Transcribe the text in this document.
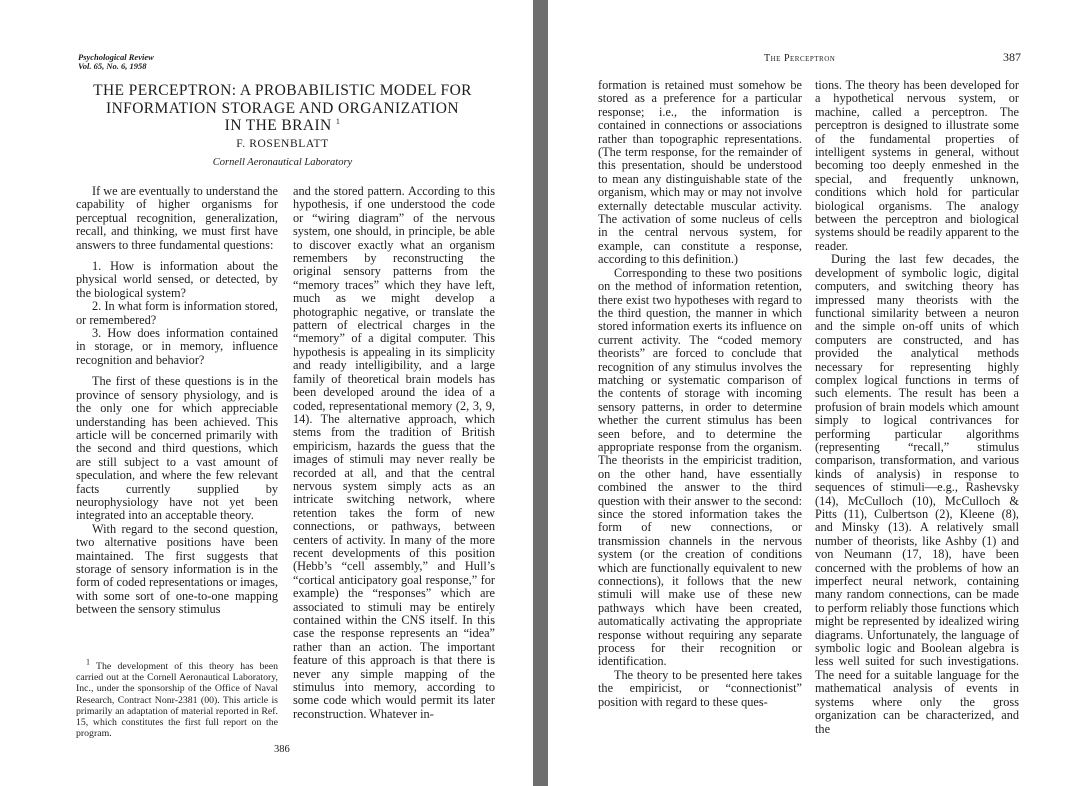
Psychological Review
Vol. 65, No. 6, 1958
THE PERCEPTRON: A PROBABILISTIC MODEL FOR
INFORMATION STORAGE AND ORGANIZATION
IN THE BRAIN $^1$
F. ROSENBLATT
Cornell Aeronautical Laboratory

If we are eventually to understand the capability of higher organisms for perceptual recognition, generalization, recall, and thinking, we must first have answers to three fundamental questions:

1. How is information about the physical world sensed, or detected, by the biological system?

2. In what form is information stored, or remembered?

3. How does information contained in storage, or in memory, influence recognition and behavior?

The first of these questions is in the province of sensory physiology, and is the only one for which appreciable understanding has been achieved. This article will be concerned primarily with the second and third questions, which are still subject to a vast amount of speculation, and where the few relevant facts currently supplied by neurophysiology have not yet been integrated into an acceptable theory.

With regard to the second question, two alternative positions have been maintained. The first suggests that storage of sensory information is in the form of coded representations or images, with some sort of one-to-one mapping between the sensory stimulus

$^1$ The development of this theory has been carried out at the Cornell Aeronautical Laboratory, Inc., under the sponsorship of the Office of Naval Research, Contract Nonr-2381 (00). This article is primarily an adaptation of material reported in Ref. 15, which constitutes the first full report on the program.

and the stored pattern. According to this hypothesis, if one understood the code or “wiring diagram” of the nervous system, one should, in principle, be able to discover exactly what an organism remembers by reconstructing the original sensory patterns from the “memory traces” which they have left, much as we might develop a photographic negative, or translate the pattern of electrical charges in the “memory” of a digital computer. This hypothesis is appealing in its simplicity and ready intelligibility, and a large family of theoretical brain models has been developed around the idea of a coded, representational memory (2, 3, 9, 14). The alternative approach, which stems from the tradition of British empiricism, hazards the guess that the images of stimuli may never really be recorded at all, and that the central nervous system simply acts as an intricate switching network, where retention takes the form of new connections, or pathways, between centers of activity. In many of the more recent developments of this position (Hebb’s “cell assembly,” and Hull’s “cortical anticipatory goal response,” for example) the “responses” which are associated to stimuli may be entirely contained within the CNS itself. In this case the response represents an “idea” rather than an action. The important feature of this approach is that there is never any simple mapping of the stimulus into memory, according to some code which would permit its later reconstruction. Whatever in-

386
The Perceptron	387

formation is retained must somehow be stored as a preference for a particular response; i.e., the information is contained in connections or associations rather than topographic representations. (The term response, for the remainder of this presentation, should be understood to mean any distinguishable state of the organism, which may or may not involve externally detectable muscular activity. The activation of some nucleus of cells in the central nervous system, for example, can constitute a response, according to this definition.)

Corresponding to these two positions on the method of information retention, there exist two hypotheses with regard to the third question, the manner in which stored information exerts its influence on current activity. The “coded memory theorists” are forced to conclude that recognition of any stimulus involves the matching or systematic comparison of the contents of storage with incoming sensory patterns, in order to determine whether the current stimulus has been seen before, and to determine the appropriate response from the organism. The theorists in the empiricist tradition, on the other hand, have essentially combined the answer to the third question with their answer to the second: since the stored information takes the form of new connections, or transmission channels in the nervous system (or the creation of conditions which are functionally equivalent to new connections), it follows that the new stimuli will make use of these new pathways which have been created, automatically activating the appropriate response without requiring any separate process for their recognition or identification.

The theory to be presented here takes the empiricist, or “connectionist” position with regard to these ques-

tions. The theory has been developed for a hypothetical nervous system, or machine, called a perceptron. The perceptron is designed to illustrate some of the fundamental properties of intelligent systems in general, without becoming too deeply enmeshed in the special, and frequently unknown, conditions which hold for particular biological organisms. The analogy between the perceptron and biological systems should be readily apparent to the reader.

During the last few decades, the development of symbolic logic, digital computers, and switching theory has impressed many theorists with the functional similarity between a neuron and the simple on-off units of which computers are constructed, and has provided the analytical methods necessary for representing highly complex logical functions in terms of such elements. The result has been a profusion of brain models which amount simply to logical contrivances for performing particular algorithms (representing “recall,” stimulus comparison, transformation, and various kinds of analysis) in response to sequences of stimuli—e.g., Rashevsky (14), McCulloch (10), McCulloch & Pitts (11), Culbertson (2), Kleene (8), and Minsky (13). A relatively small number of theorists, like Ashby (1) and von Neumann (17, 18), have been concerned with the problems of how an imperfect neural network, containing many random connections, can be made to perform reliably those functions which might be represented by idealized wiring diagrams. Unfortunately, the language of symbolic logic and Boolean algebra is less well suited for such investigations. The need for a suitable language for the mathematical analysis of events in systems where only the gross organization can be characterized, and the
